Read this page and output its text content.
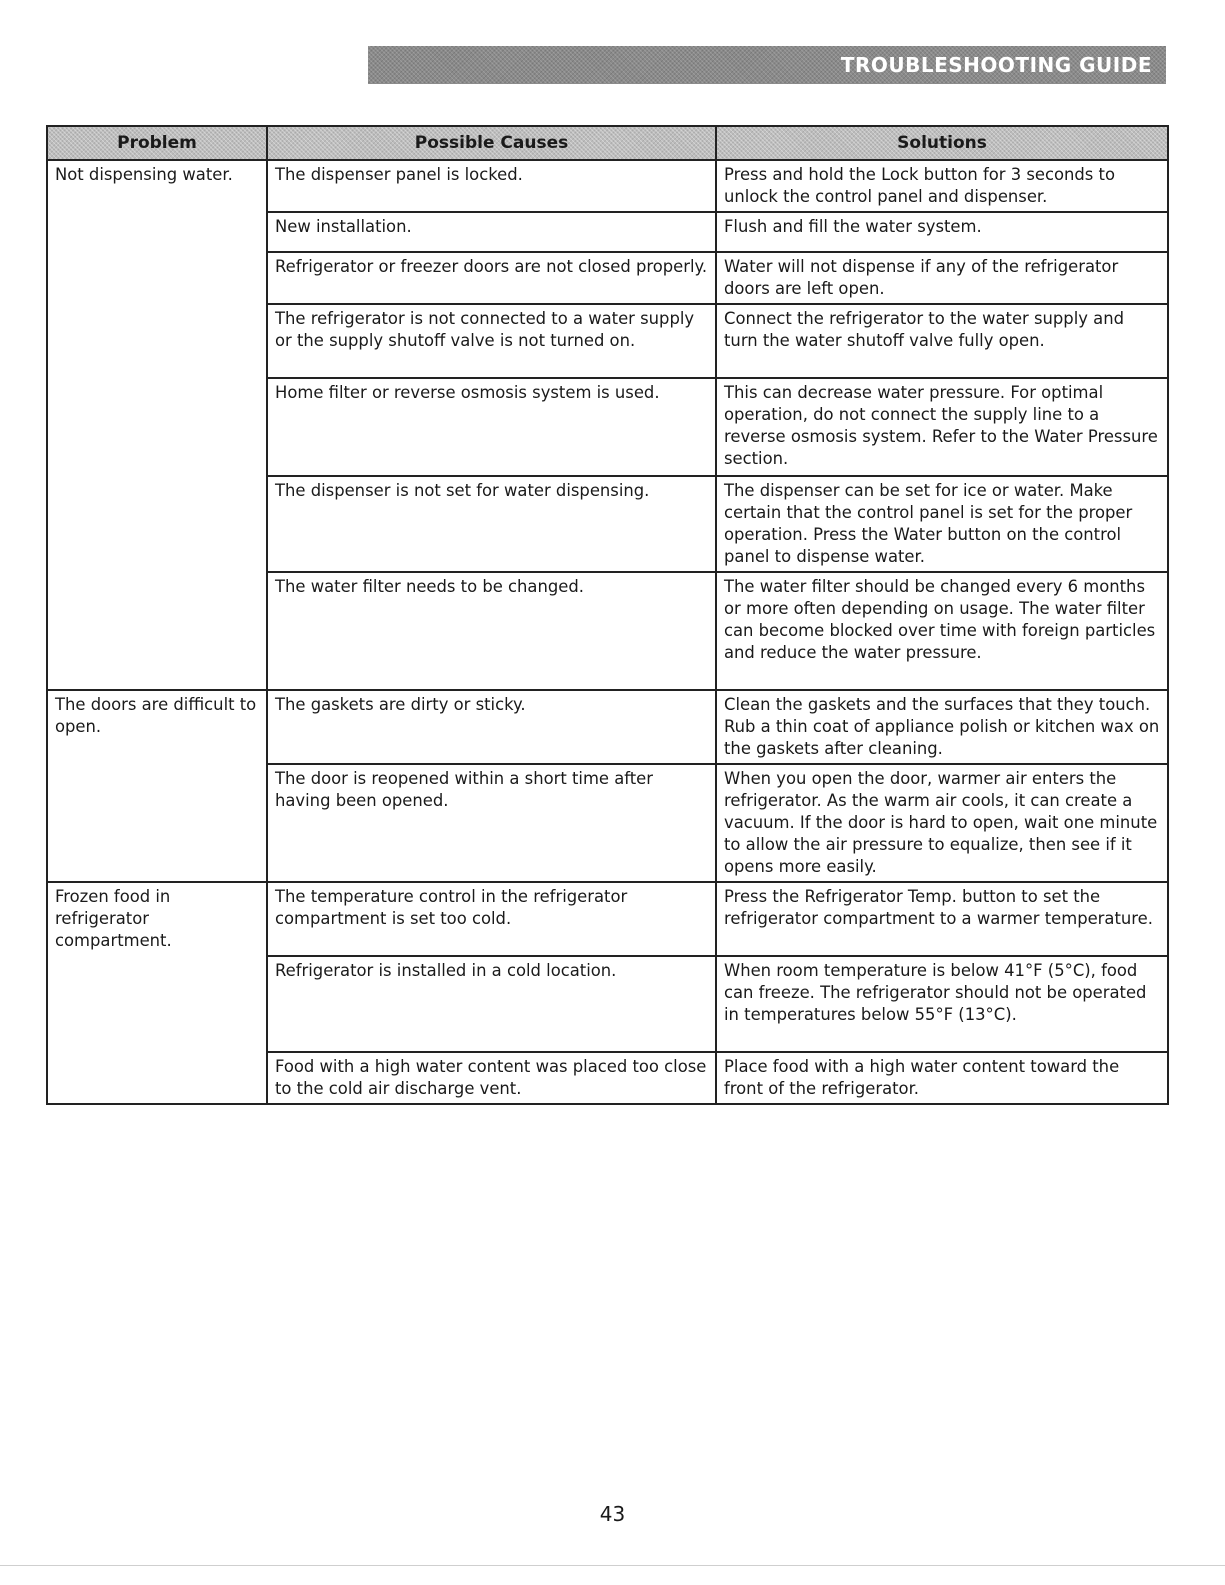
TROUBLESHOOTING GUIDE
Problem	Possible Causes	Solutions
Not dispensing water.	The dispenser panel is locked.	Press and hold the Lock button for 3 seconds to unlock the control panel and dispenser.
	New installation.	Flush and fill the water system.
	Refrigerator or freezer doors are not closed properly.	Water will not dispense if any of the refrigerator doors are left open.
	The refrigerator is not connected to a water supply or the supply shutoff valve is not turned on.	Connect the refrigerator to the water supply and turn the water shutoff valve fully open.
	Home filter or reverse osmosis system is used.	This can decrease water pressure. For optimal operation, do not connect the supply line to a reverse osmosis system. Refer to the Water Pressure section.
	The dispenser is not set for water dispensing.	The dispenser can be set for ice or water. Make certain that the control panel is set for the proper operation. Press the Water button on the control panel to dispense water.
	The water filter needs to be changed.	The water filter should be changed every 6 months or more often depending on usage. The water filter can become blocked over time with foreign particles and reduce the water pressure.
The doors are difficult to open.	The gaskets are dirty or sticky.	Clean the gaskets and the surfaces that they touch. Rub a thin coat of appliance polish or kitchen wax on the gaskets after cleaning.
	The door is reopened within a short time after having been opened.	When you open the door, warmer air enters the refrigerator. As the warm air cools, it can create a vacuum. If the door is hard to open, wait one minute to allow the air pressure to equalize, then see if it opens more easily.
Frozen food in refrigerator compartment.	The temperature control in the refrigerator compartment is set too cold.	Press the Refrigerator Temp. button to set the refrigerator compartment to a warmer temperature.
	Refrigerator is installed in a cold location.	When room temperature is below 41°F (5°C), food can freeze. The refrigerator should not be operated in temperatures below 55°F (13°C).
	Food with a high water content was placed too close to the cold air discharge vent.	Place food with a high water content toward the front of the refrigerator.
43
